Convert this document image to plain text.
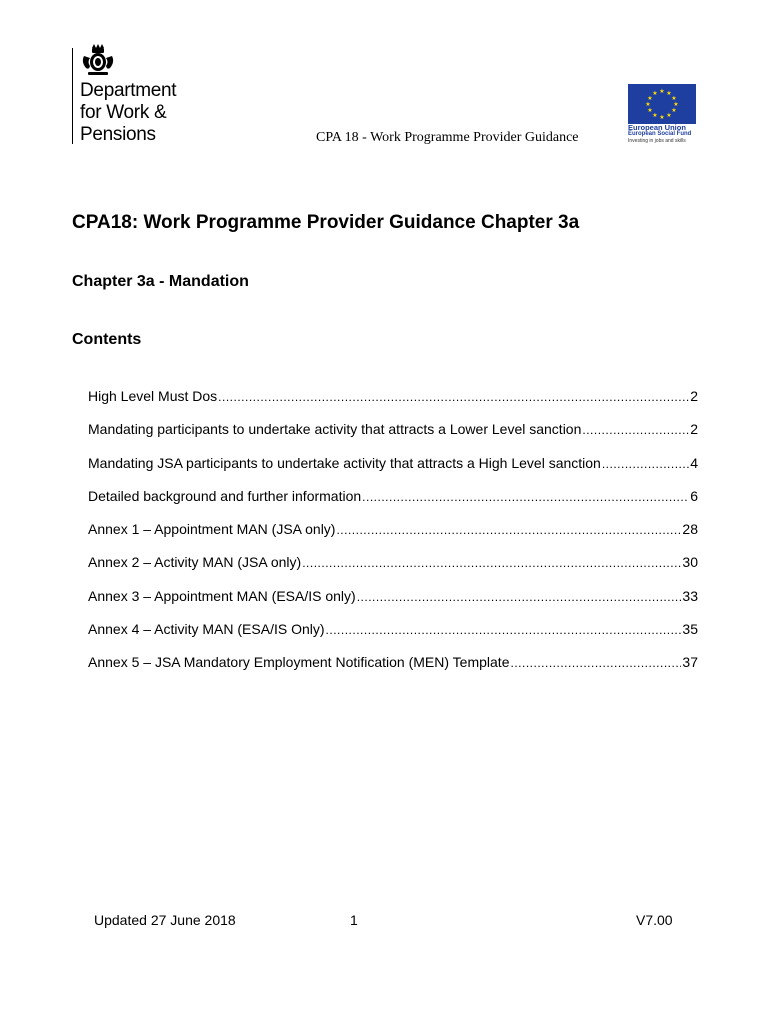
Department
for Work &
Pensions	CPA 18 - Work Programme Provider Guidance
★ ★
★
★
★
★
★
★
★
★
★
★
European Union
European Social Fund
Investing in jobs and skills
CPA18: Work Programme Provider Guidance Chapter 3a
Chapter 3a - Mandation
Contents
High Level Must Dos .....	2
Mandating participants to undertake activity that attracts a Lower Level sanction .....	2
Mandating JSA participants to undertake activity that attracts a High Level sanction .....	4
Detailed background and further information .....	6
Annex 1 – Appointment MAN (JSA only) .....	28
Annex 2 – Activity MAN (JSA only) .....	30
Annex 3 – Appointment MAN (ESA/IS only) .....	33
Annex 4 – Activity MAN (ESA/IS Only) .....	35
Annex 5 – JSA Mandatory Employment Notification (MEN) Template .....	37
Updated 27 June 2018	1	V7.00
